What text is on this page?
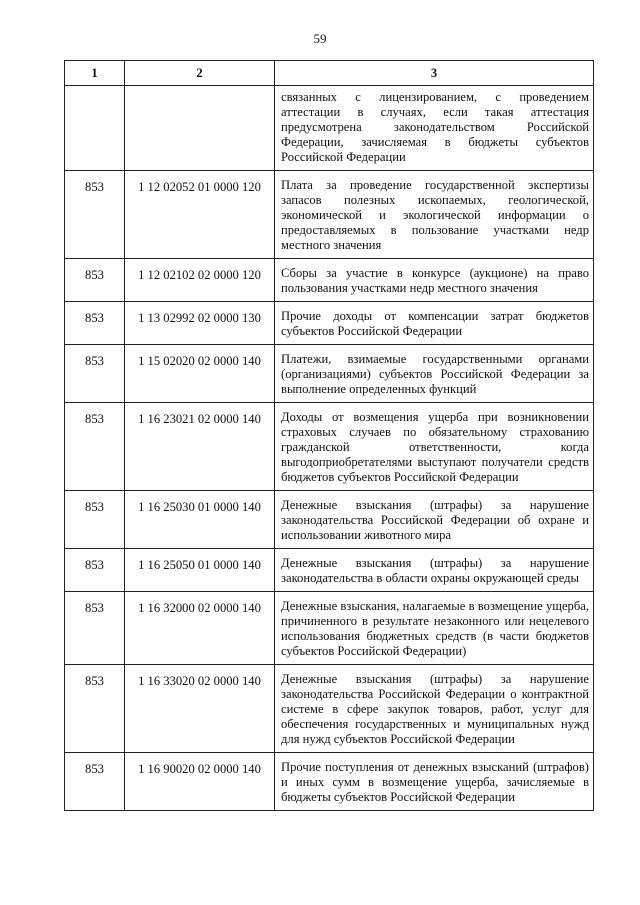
59
1	2	3
		связанных с лицензированием, с проведением аттестации в случаях, если такая аттестация предусмотрена законодательством Российской Федерации, зачисляемая в бюджеты субъектов Российской Федерации
853	1 12 02052 01 0000 120	Плата за проведение государственной экспертизы запасов полезных ископаемых, геологической, экономической и экологической информации о предоставляемых в пользование участками недр местного значения
853	1 12 02102 02 0000 120	Сборы за участие в конкурсе (аукционе) на право пользования участками недр местного значения
853	1 13 02992 02 0000 130	Прочие доходы от компенсации затрат бюджетов субъектов Российской Федерации
853	1 15 02020 02 0000 140	Платежи, взимаемые государственными органами (организациями) субъектов Российской Федерации за выполнение определенных функций
853	1 16 23021 02 0000 140	Доходы от возмещения ущерба при возникновении страховых случаев по обязательному страхованию гражданской ответственности, когда выгодоприобретателями выступают получатели средств бюджетов субъектов Российской Федерации
853	1 16 25030 01 0000 140	Денежные взыскания (штрафы) за нарушение законодательства Российской Федерации об охране и использовании животного мира
853	1 16 25050 01 0000 140	Денежные взыскания (штрафы) за нарушение законодательства в области охраны окружающей среды
853	1 16 32000 02 0000 140	Денежные взыскания, налагаемые в возмещение ущерба, причиненного в результате незаконного или нецелевого использования бюджетных средств (в части бюджетов субъектов Российской Федерации)
853	1 16 33020 02 0000 140	Денежные взыскания (штрафы) за нарушение законодательства Российской Федерации о контрактной системе в сфере закупок товаров, работ, услуг для обеспечения государственных и муниципальных нужд для нужд субъектов Российской Федерации
853	1 16 90020 02 0000 140	Прочие поступления от денежных взысканий (штрафов) и иных сумм в возмещение ущерба, зачисляемые в бюджеты субъектов Российской Федерации
